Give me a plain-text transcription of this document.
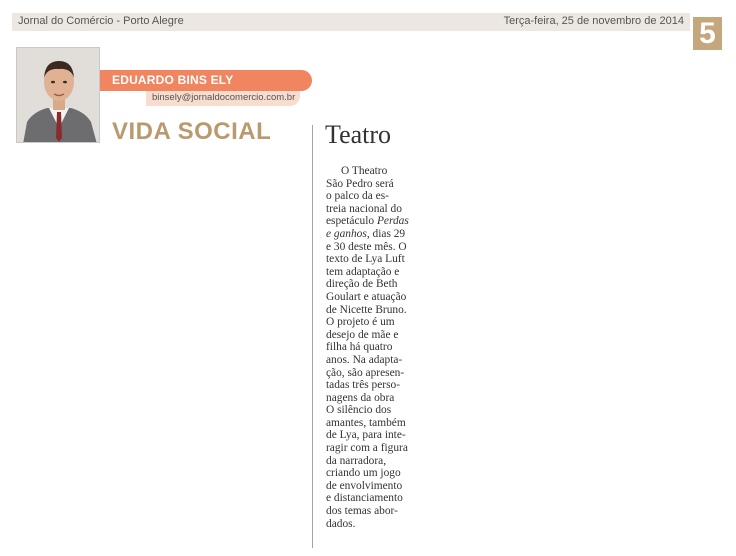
Jornal do Comércio - Porto Alegre	Terça-feira, 25 de novembro de 2014 5
EDUARDO BINS ELY
binsely@jornaldocomercio.com.br
VIDA SOCIAL Teatro
O Theatro
São Pedro será
o palco da es-
treia nacional do
espetáculo Perdas
e ganhos, dias 29
e 30 deste mês. O
texto de Lya Luft
tem adaptação e
direção de Beth
Goulart e atuação
de Nicette Bruno.
O projeto é um
desejo de mãe e
filha há quatro
anos. Na adapta-
ção, são apresen-
tadas três perso-
nagens da obra
O silêncio dos
amantes, também
de Lya, para inte-
ragir com a figura
da narradora,
criando um jogo
de envolvimento
e distanciamento
dos temas abor-
dados.
